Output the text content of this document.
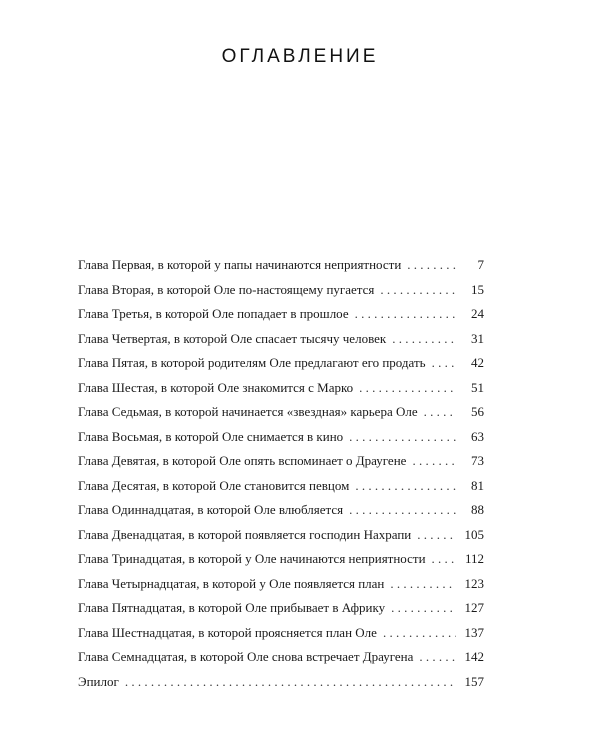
ОГЛАВЛЕНИЕ
Глава Первая, в которой у папы начинаются неприятности . . .	7
Глава Вторая, в которой Оле по-настоящему пугается . . .	15
Глава Третья, в которой Оле попадает в прошлое . . .	24
Глава Четвертая, в которой Оле спасает тысячу человек . . .	31
Глава Пятая, в которой родителям Оле предлагают его продать . . .	42
Глава Шестая, в которой Оле знакомится с Марко . . .	51
Глава Седьмая, в которой начинается «звездная» карьера Оле . . .	56
Глава Восьмая, в которой Оле снимается в кино . . .	63
Глава Девятая, в которой Оле опять вспоминает о Драугене . . .	73
Глава Десятая, в которой Оле становится певцом . . .	81
Глава Одиннадцатая, в которой Оле влюбляется . . .	88
Глава Двенадцатая, в которой появляется господин Нахрапи . . .	105
Глава Тринадцатая, в которой у Оле начинаются неприятности . . .	112
Глава Четырнадцатая, в которой у Оле появляется план . . .	123
Глава Пятнадцатая, в которой Оле прибывает в Африку . . .	127
Глава Шестнадцатая, в которой проясняется план Оле . . .	137
Глава Семнадцатая, в которой Оле снова встречает Драугена . . .	142
Эпилог . . .	157
